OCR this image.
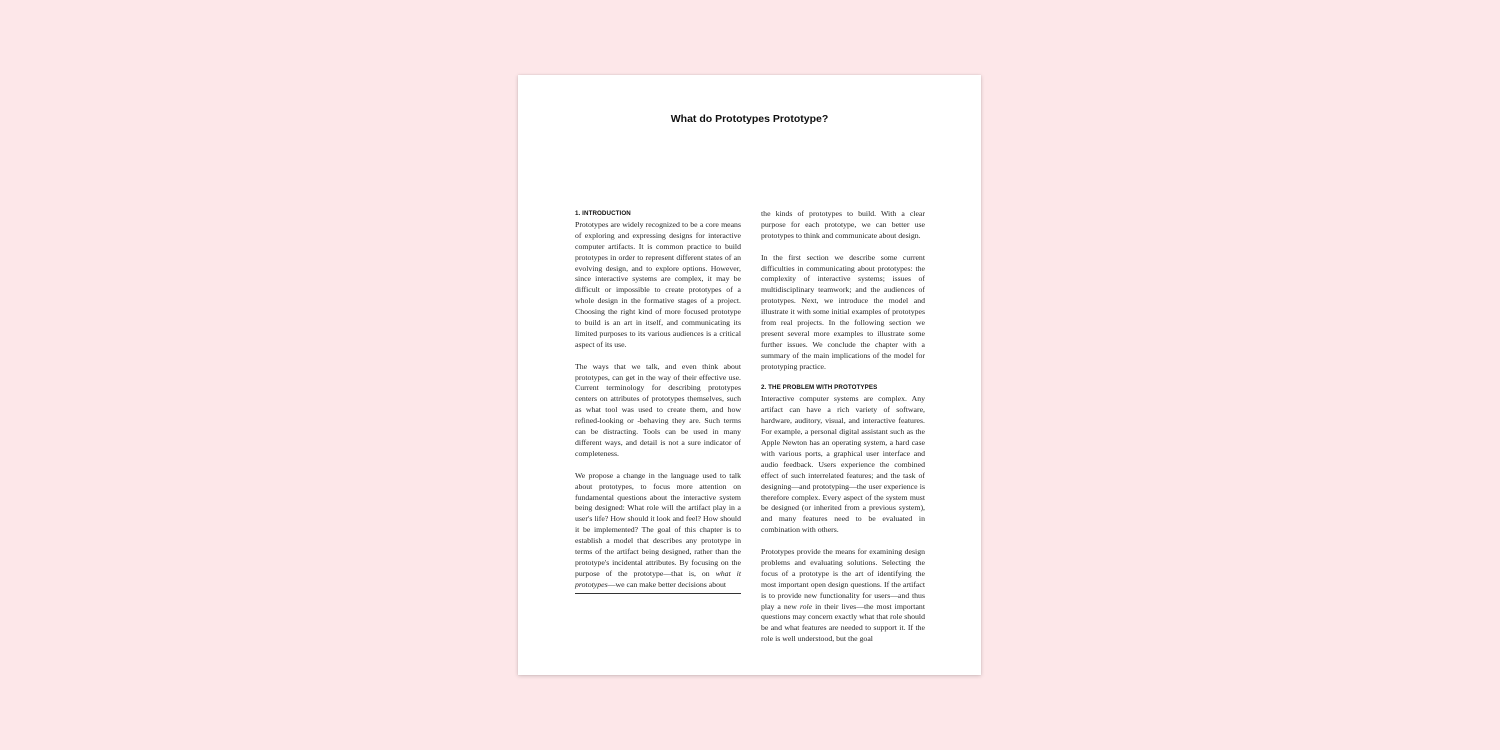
What do Prototypes Prototype?
1. INTRODUCTION

Prototypes are widely recognized to be a core means of exploring and expressing designs for interactive computer artifacts. It is common practice to build prototypes in order to represent different states of an evolving design, and to explore options. However, since interactive systems are complex, it may be difficult or impossible to create prototypes of a whole design in the formative stages of a project. Choosing the right kind of more focused prototype to build is an art in itself, and communicating its limited purposes to its various audiences is a critical aspect of its use.

The ways that we talk, and even think about prototypes, can get in the way of their effective use. Current terminology for describing prototypes centers on attributes of prototypes themselves, such as what tool was used to create them, and how refined-looking or -behaving they are. Such terms can be distracting. Tools can be used in many different ways, and detail is not a sure indicator of completeness.

We propose a change in the language used to talk about prototypes, to focus more attention on fundamental questions about the interactive system being designed: What role will the artifact play in a user's life? How should it look and feel? How should it be implemented? The goal of this chapter is to establish a model that describes any prototype in terms of the artifact being designed, rather than the prototype's incidental attributes. By focusing on the purpose of the prototype—that is, on what it prototypes—we can make better decisions about

the kinds of prototypes to build. With a clear purpose for each prototype, we can better use prototypes to think and communicate about design.

In the first section we describe some current difficulties in communicating about prototypes: the complexity of interactive systems; issues of multidisciplinary teamwork; and the audiences of prototypes. Next, we introduce the model and illustrate it with some initial examples of prototypes from real projects. In the following section we present several more examples to illustrate some further issues. We conclude the chapter with a summary of the main implications of the model for prototyping practice.

2. THE PROBLEM WITH PROTOTYPES

Interactive computer systems are complex. Any artifact can have a rich variety of software, hardware, auditory, visual, and interactive features. For example, a personal digital assistant such as the Apple Newton has an operating system, a hard case with various ports, a graphical user interface and audio feedback. Users experience the combined effect of such interrelated features; and the task of designing—and prototyping—the user experience is therefore complex. Every aspect of the system must be designed (or inherited from a previous system), and many features need to be evaluated in combination with others.

Prototypes provide the means for examining design problems and evaluating solutions. Selecting the focus of a prototype is the art of identifying the most important open design questions. If the artifact is to provide new functionality for users—and thus play a new role in their lives—the most important questions may concern exactly what that role should be and what features are needed to support it. If the role is well understood, but the goal
